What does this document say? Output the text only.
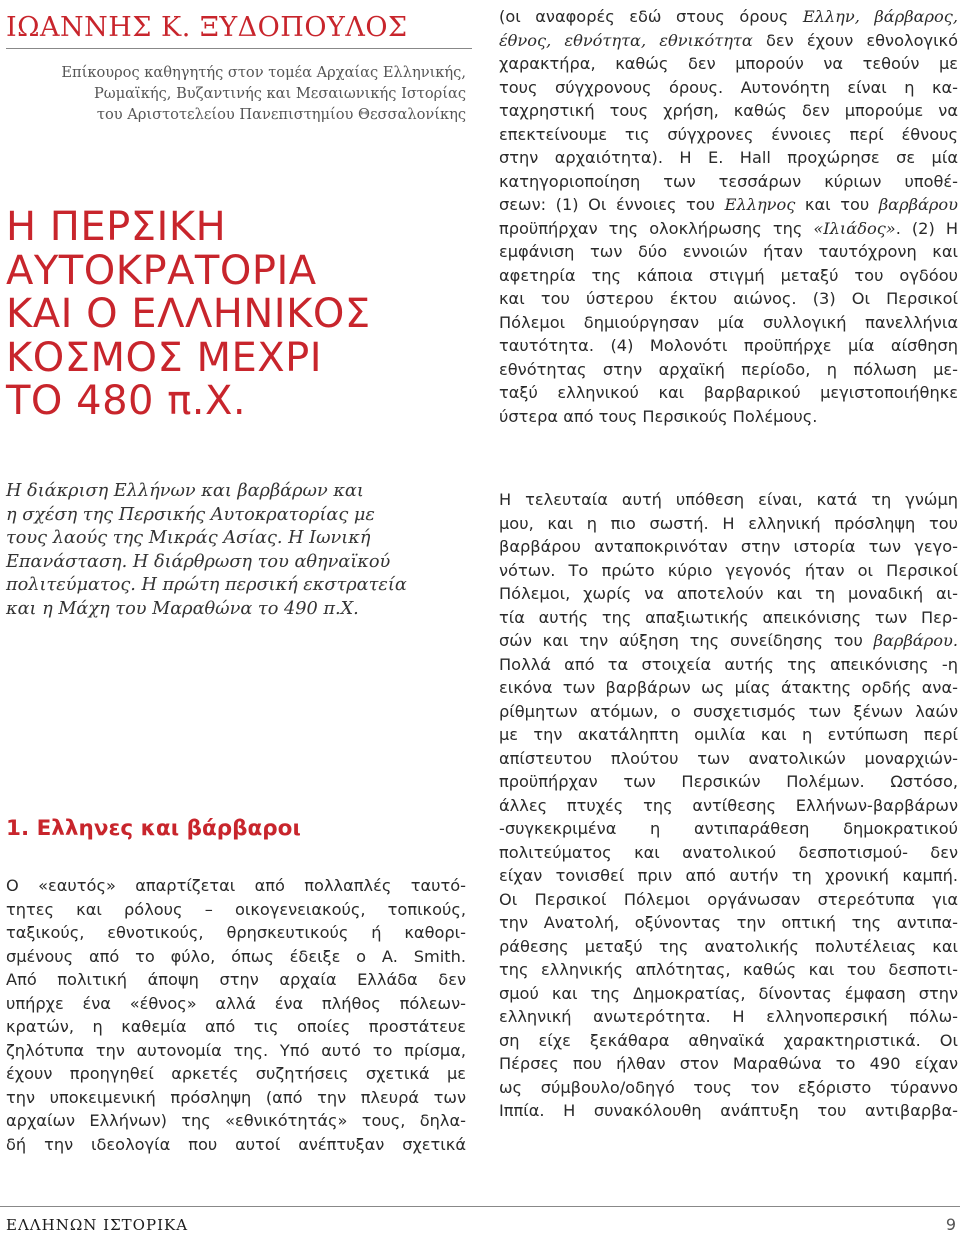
ΙΩΑΝΝΗΣ Κ. ΞΥΔΟΠΟΥΛΟΣ
Επίκουρος καθηγητής στον τομέα Αρχαίας Ελληνικής,
Ρωμαϊκής, Βυζαντινής και Μεσαιωνικής Ιστορίας
του Αριστοτελείου Πανεπιστημίου Θεσσαλονίκης
Η ΠΕΡΣΙΚΗ
ΑΥΤΟΚΡΑΤΟΡΙΑ
ΚΑΙ Ο ΕΛΛΗΝΙΚΟΣ
ΚΟΣΜΟΣ ΜΕΧΡΙ
ΤΟ 480 π.Χ.
Η διάκριση Ελλήνων και βαρβάρων και
η σχέση της Περσικής Αυτοκρατορίας με
τους λαούς της Μικράς Ασίας. Η Ιωνική
Επανάσταση. Η διάρθρωση του αθηναϊκού
πολιτεύματος. Η πρώτη περσική εκστρατεία
και η Μάχη του Μαραθώνα το 490 π.Χ.
1. Ελληνες και βάρβαροι
Ο «εαυτός» απαρτίζεται από πολλαπλές ταυτό-
τητες και ρόλους – οικογενειακούς, τοπικούς,
ταξικούς, εθνοτικούς, θρησκευτικούς ή καθορι-
σμένους από το φύλο, όπως έδειξε ο A. Smith.
Από πολιτική άποψη στην αρχαία Ελλάδα δεν
υπήρχε ένα «έθνος» αλλά ένα πλήθος πόλεων-
κρατών, η καθεμία από τις οποίες προστάτευε
ζηλότυπα την αυτονομία της. Υπό αυτό το πρίσμα,
έχουν προηγηθεί αρκετές συζητήσεις σχετικά με
την υποκειμενική πρόσληψη (από την πλευρά των
αρχαίων Ελλήνων) της «εθνικότητάς» τους, δηλα-
δή την ιδεολογία που αυτοί ανέπτυξαν σχετικά
(οι αναφορές εδώ στους όρους Ελλην, βάρβαρος,
έθνος, εθνότητα, εθνικότητα δεν έχουν εθνολογικό
χαρακτήρα, καθώς δεν μπορούν να τεθούν με
τους σύγχρονους όρους. Αυτονόητη είναι η κα-
ταχρηστική τους χρήση, καθώς δεν μπορούμε να
επεκτείνουμε τις σύγχρονες έννοιες περί έθνους
στην αρχαιότητα). Η E. Hall προχώρησε σε μία
κατηγοριοποίηση των τεσσάρων κύριων υποθέ-
σεων: (1) Οι έννοιες του Ελληνος και του βαρβάρου
προϋπήρχαν της ολοκλήρωσης της «Ιλιάδος». (2) Η
εμφάνιση των δύο εννοιών ήταν ταυτόχρονη και
αφετηρία της κάποια στιγμή μεταξύ του ογδόου
και του ύστερου έκτου αιώνος. (3) Οι Περσικοί
Πόλεμοι δημιούργησαν μία συλλογική πανελλήνια
ταυτότητα. (4) Μολονότι προϋπήρχε μία αίσθηση
εθνότητας στην αρχαϊκή περίοδο, η πόλωση με-
ταξύ ελληνικού και βαρβαρικού μεγιστοποιήθηκε
ύστερα από τους Περσικούς Πολέμους.
Η τελευταία αυτή υπόθεση είναι, κατά τη γνώμη
μου, και η πιο σωστή. Η ελληνική πρόσληψη του
βαρβάρου ανταποκρινόταν στην ιστορία των γεγο-
νότων. Το πρώτο κύριο γεγονός ήταν οι Περσικοί
Πόλεμοι, χωρίς να αποτελούν και τη μοναδική αι-
τία αυτής της απαξιωτικής απεικόνισης των Περ-
σών και την αύξηση της συνείδησης του βαρβάρου.
Πολλά από τα στοιχεία αυτής της απεικόνισης -η
εικόνα των βαρβάρων ως μίας άτακτης ορδής ανα-
ρίθμητων ατόμων, ο συσχετισμός των ξένων λαών
με την ακατάληπτη ομιλία και η εντύπωση περί
απίστευτου πλούτου των ανατολικών μοναρχιών-
προϋπήρχαν των Περσικών Πολέμων. Ωστόσο,
άλλες πτυχές της αντίθεσης Ελλήνων-βαρβάρων
-συγκεκριμένα η αντιπαράθεση δημοκρατικού
πολιτεύματος και ανατολικού δεσποτισμού- δεν
είχαν τονισθεί πριν από αυτήν τη χρονική καμπή.
Οι Περσικοί Πόλεμοι οργάνωσαν στερεότυπα για
την Ανατολή, οξύνοντας την οπτική της αντιπα-
ράθεσης μεταξύ της ανατολικής πολυτέλειας και
της ελληνικής απλότητας, καθώς και του δεσποτι-
σμού και της Δημοκρατίας, δίνοντας έμφαση στην
ελληνική ανωτερότητα. Η ελληνοπερσική πόλω-
ση είχε ξεκάθαρα αθηναϊκά χαρακτηριστικά. Οι
Πέρσες που ήλθαν στον Μαραθώνα το 490 είχαν
ως σύμβουλο/οδηγό τους τον εξόριστο τύραννο
Ιππία. Η συνακόλουθη ανάπτυξη του αντιβαρβα-
ΕΛΛΗΝΩΝ ΙΣΤΟΡΙΚΑ	9
